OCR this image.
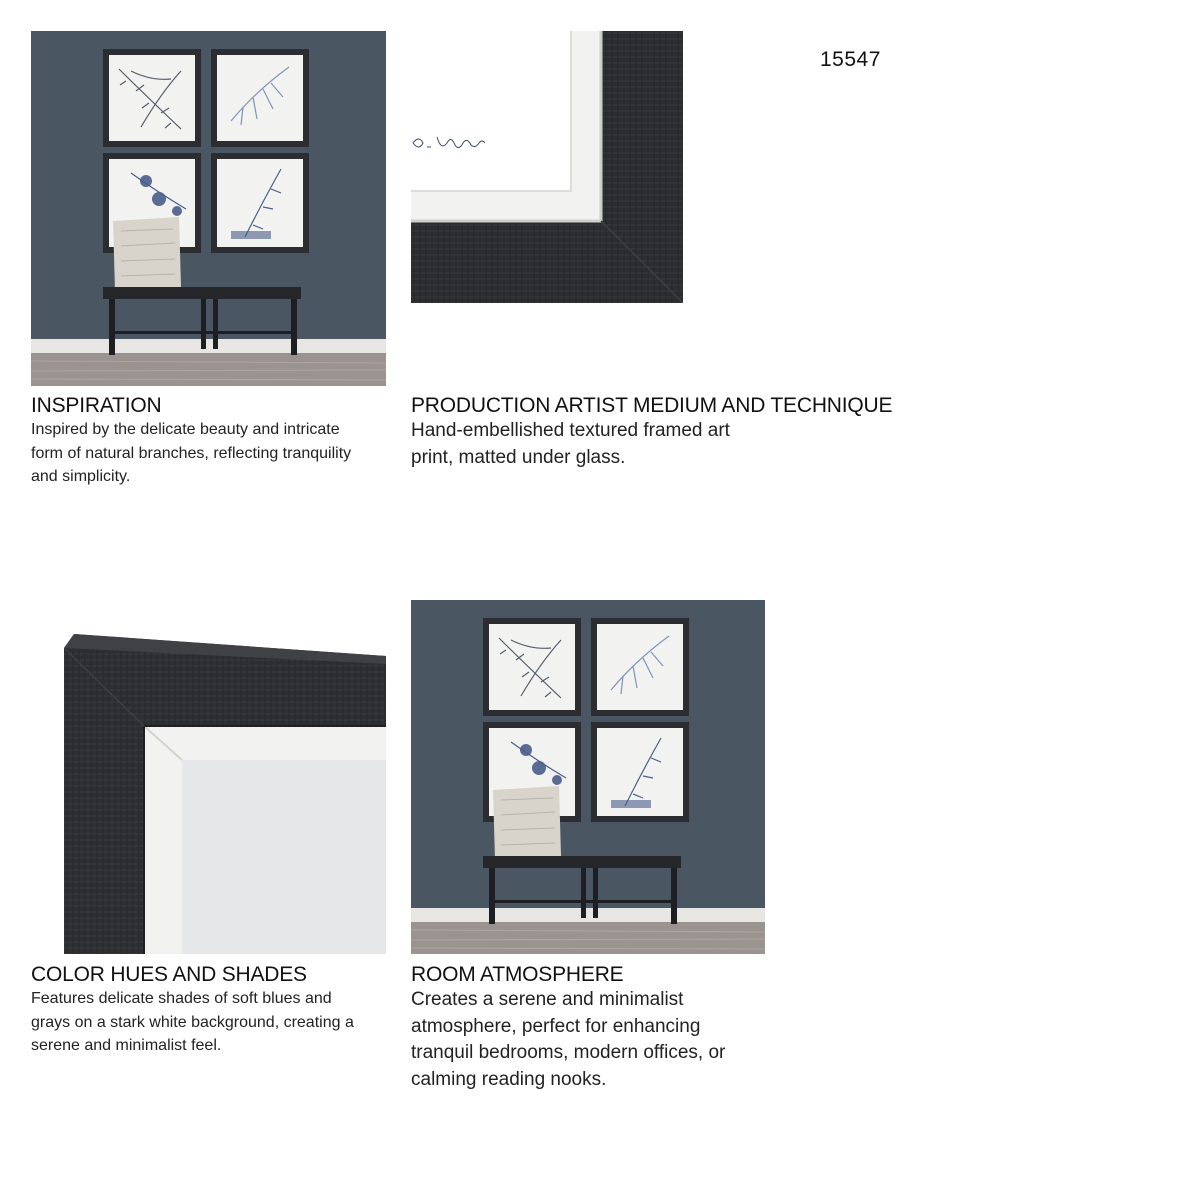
INSPIRATION
Inspired by the delicate beauty and intricate
form of natural branches, reflecting tranquility
and simplicity.
PRODUCTION ARTIST MEDIUM AND TECHNIQUE
Hand-embellished textured framed art
print, matted under glass.
15547
COLOR HUES AND SHADES
Features delicate shades of soft blues and
grays on a stark white background, creating a
serene and minimalist feel.
ROOM ATMOSPHERE
Creates a serene and minimalist
atmosphere, perfect for enhancing
tranquil bedrooms, modern offices, or
calming reading nooks.
